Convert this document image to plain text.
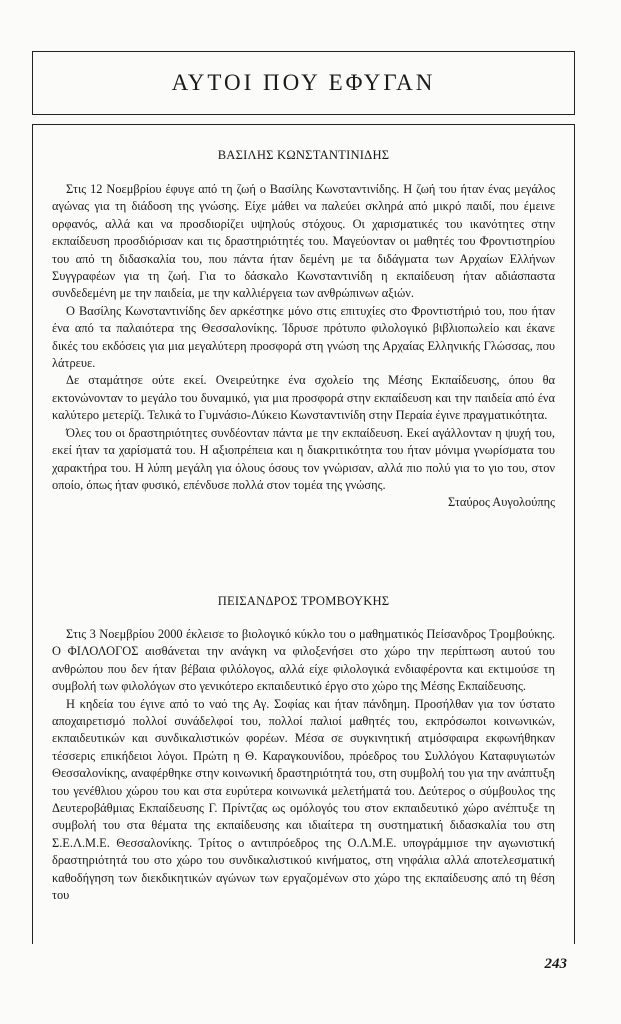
ΑΥΤΟΙ ΠΟΥ ΕΦΥΓΑΝ
ΒΑΣΙΛΗΣ ΚΩΝΣΤΑΝΤΙΝΙΔΗΣ

Στις 12 Νοεμβρίου έφυγε από τη ζωή ο Βασίλης Κωνσταντινίδης. Η ζωή του ήταν ένας μεγάλος αγώνας για τη διάδοση της γνώσης. Είχε μάθει να παλεύει σκληρά από μικρό παιδί, που έμεινε ορφανός, αλλά και να προσδιορίζει υψηλούς στόχους. Οι χαρισματικές του ικανότητες στην εκπαίδευση προσδιόρισαν και τις δραστηριότητές του. Μαγεύονταν οι μαθητές του Φροντιστηρίου του από τη διδασκαλία του, που πάντα ήταν δεμένη με τα διδάγματα των Αρχαίων Ελλήνων Συγγραφέων για τη ζωή. Για το δάσκαλο Κωνσταντινίδη η εκπαίδευση ήταν αδιάσπαστα συνδεδεμένη με την παιδεία, με την καλλιέργεια των ανθρώπινων αξιών.

Ο Βασίλης Κωνσταντινίδης δεν αρκέστηκε μόνο στις επιτυχίες στο Φροντιστήριό του, που ήταν ένα από τα παλαιότερα της Θεσσαλονίκης. Ίδρυσε πρότυπο φιλολογικό βιβλιοπωλείο και έκανε δικές του εκδόσεις για μια μεγαλύτερη προσφορά στη γνώση της Αρχαίας Ελληνικής Γλώσσας, που λάτρευε.

Δε σταμάτησε ούτε εκεί. Ονειρεύτηκε ένα σχολείο της Μέσης Εκπαίδευσης, όπου θα εκτονώνονταν το μεγάλο του δυναμικό, για μια προσφορά στην εκπαίδευση και την παιδεία από ένα καλύτερο μετερίζι. Τελικά το Γυμνάσιο-Λύκειο Κωνσταντινίδη στην Περαία έγινε πραγματικότητα.

Όλες του οι δραστηριότητες συνδέονταν πάντα με την εκπαίδευση. Εκεί αγάλλονταν η ψυχή του, εκεί ήταν τα χαρίσματά του. Η αξιοπρέπεια και η διακριτικότητα του ήταν μόνιμα γνωρίσματα του χαρακτήρα του. Η λύπη μεγάλη για όλους όσους τον γνώρισαν, αλλά πιο πολύ για το γιο του, στον οποίο, όπως ήταν φυσικό, επένδυσε πολλά στον τομέα της γνώσης.

Σταύρος Αυγολούπης

ΠΕΙΣΑΝΔΡΟΣ ΤΡΟΜΒΟΥΚΗΣ

Στις 3 Νοεμβρίου 2000 έκλεισε το βιολογικό κύκλο του ο μαθηματικός Πείσανδρος Τρομβούκης. Ο ΦΙΛΟΛΟΓΟΣ αισθάνεται την ανάγκη να φιλοξενήσει στο χώρο την περίπτωση αυτού του ανθρώπου που δεν ήταν βέβαια φιλόλογος, αλλά είχε φιλολογικά ενδιαφέροντα και εκτιμούσε τη συμβολή των φιλολόγων στο γενικότερο εκπαιδευτικό έργο στο χώρο της Μέσης Εκπαίδευσης.

Η κηδεία του έγινε από το ναό της Αγ. Σοφίας και ήταν πάνδημη. Προσήλθαν για τον ύστατο αποχαιρετισμό πολλοί συνάδελφοί του, πολλοί παλιοί μαθητές του, εκπρόσωποι κοινωνικών, εκπαιδευτικών και συνδικαλιστικών φορέων. Μέσα σε συγκινητική ατμόσφαιρα εκφωνήθηκαν τέσσερις επικήδειοι λόγοι. Πρώτη η Θ. Καραγκουνίδου, πρόεδρος του Συλλόγου Καταφυγιωτών Θεσσαλονίκης, αναφέρθηκε στην κοινωνική δραστηριότητά του, στη συμβολή του για την ανάπτυξη του γενέθλιου χώρου του και στα ευρύτερα κοινωνικά μελετήματά του. Δεύτερος ο σύμβουλος της Δευτεροβάθμιας Εκπαίδευσης Γ. Πρίντζας ως ομόλογός του στον εκπαιδευτικό χώρο ανέπτυξε τη συμβολή του στα θέματα της εκπαίδευσης και ιδιαίτερα τη συστηματική διδασκαλία του στη Σ.Ε.Λ.Μ.Ε. Θεσσαλονίκης. Τρίτος ο αντιπρόεδρος της Ο.Λ.Μ.Ε. υπογράμμισε την αγωνιστική δραστηριότητά του στο χώρο του συνδικαλιστικού κινήματος, στη νηφάλια αλλά αποτελεσματική καθοδήγηση των διεκδικητικών αγώνων των εργαζομένων στο χώρο της εκπαίδευσης από τη θέση του

243
